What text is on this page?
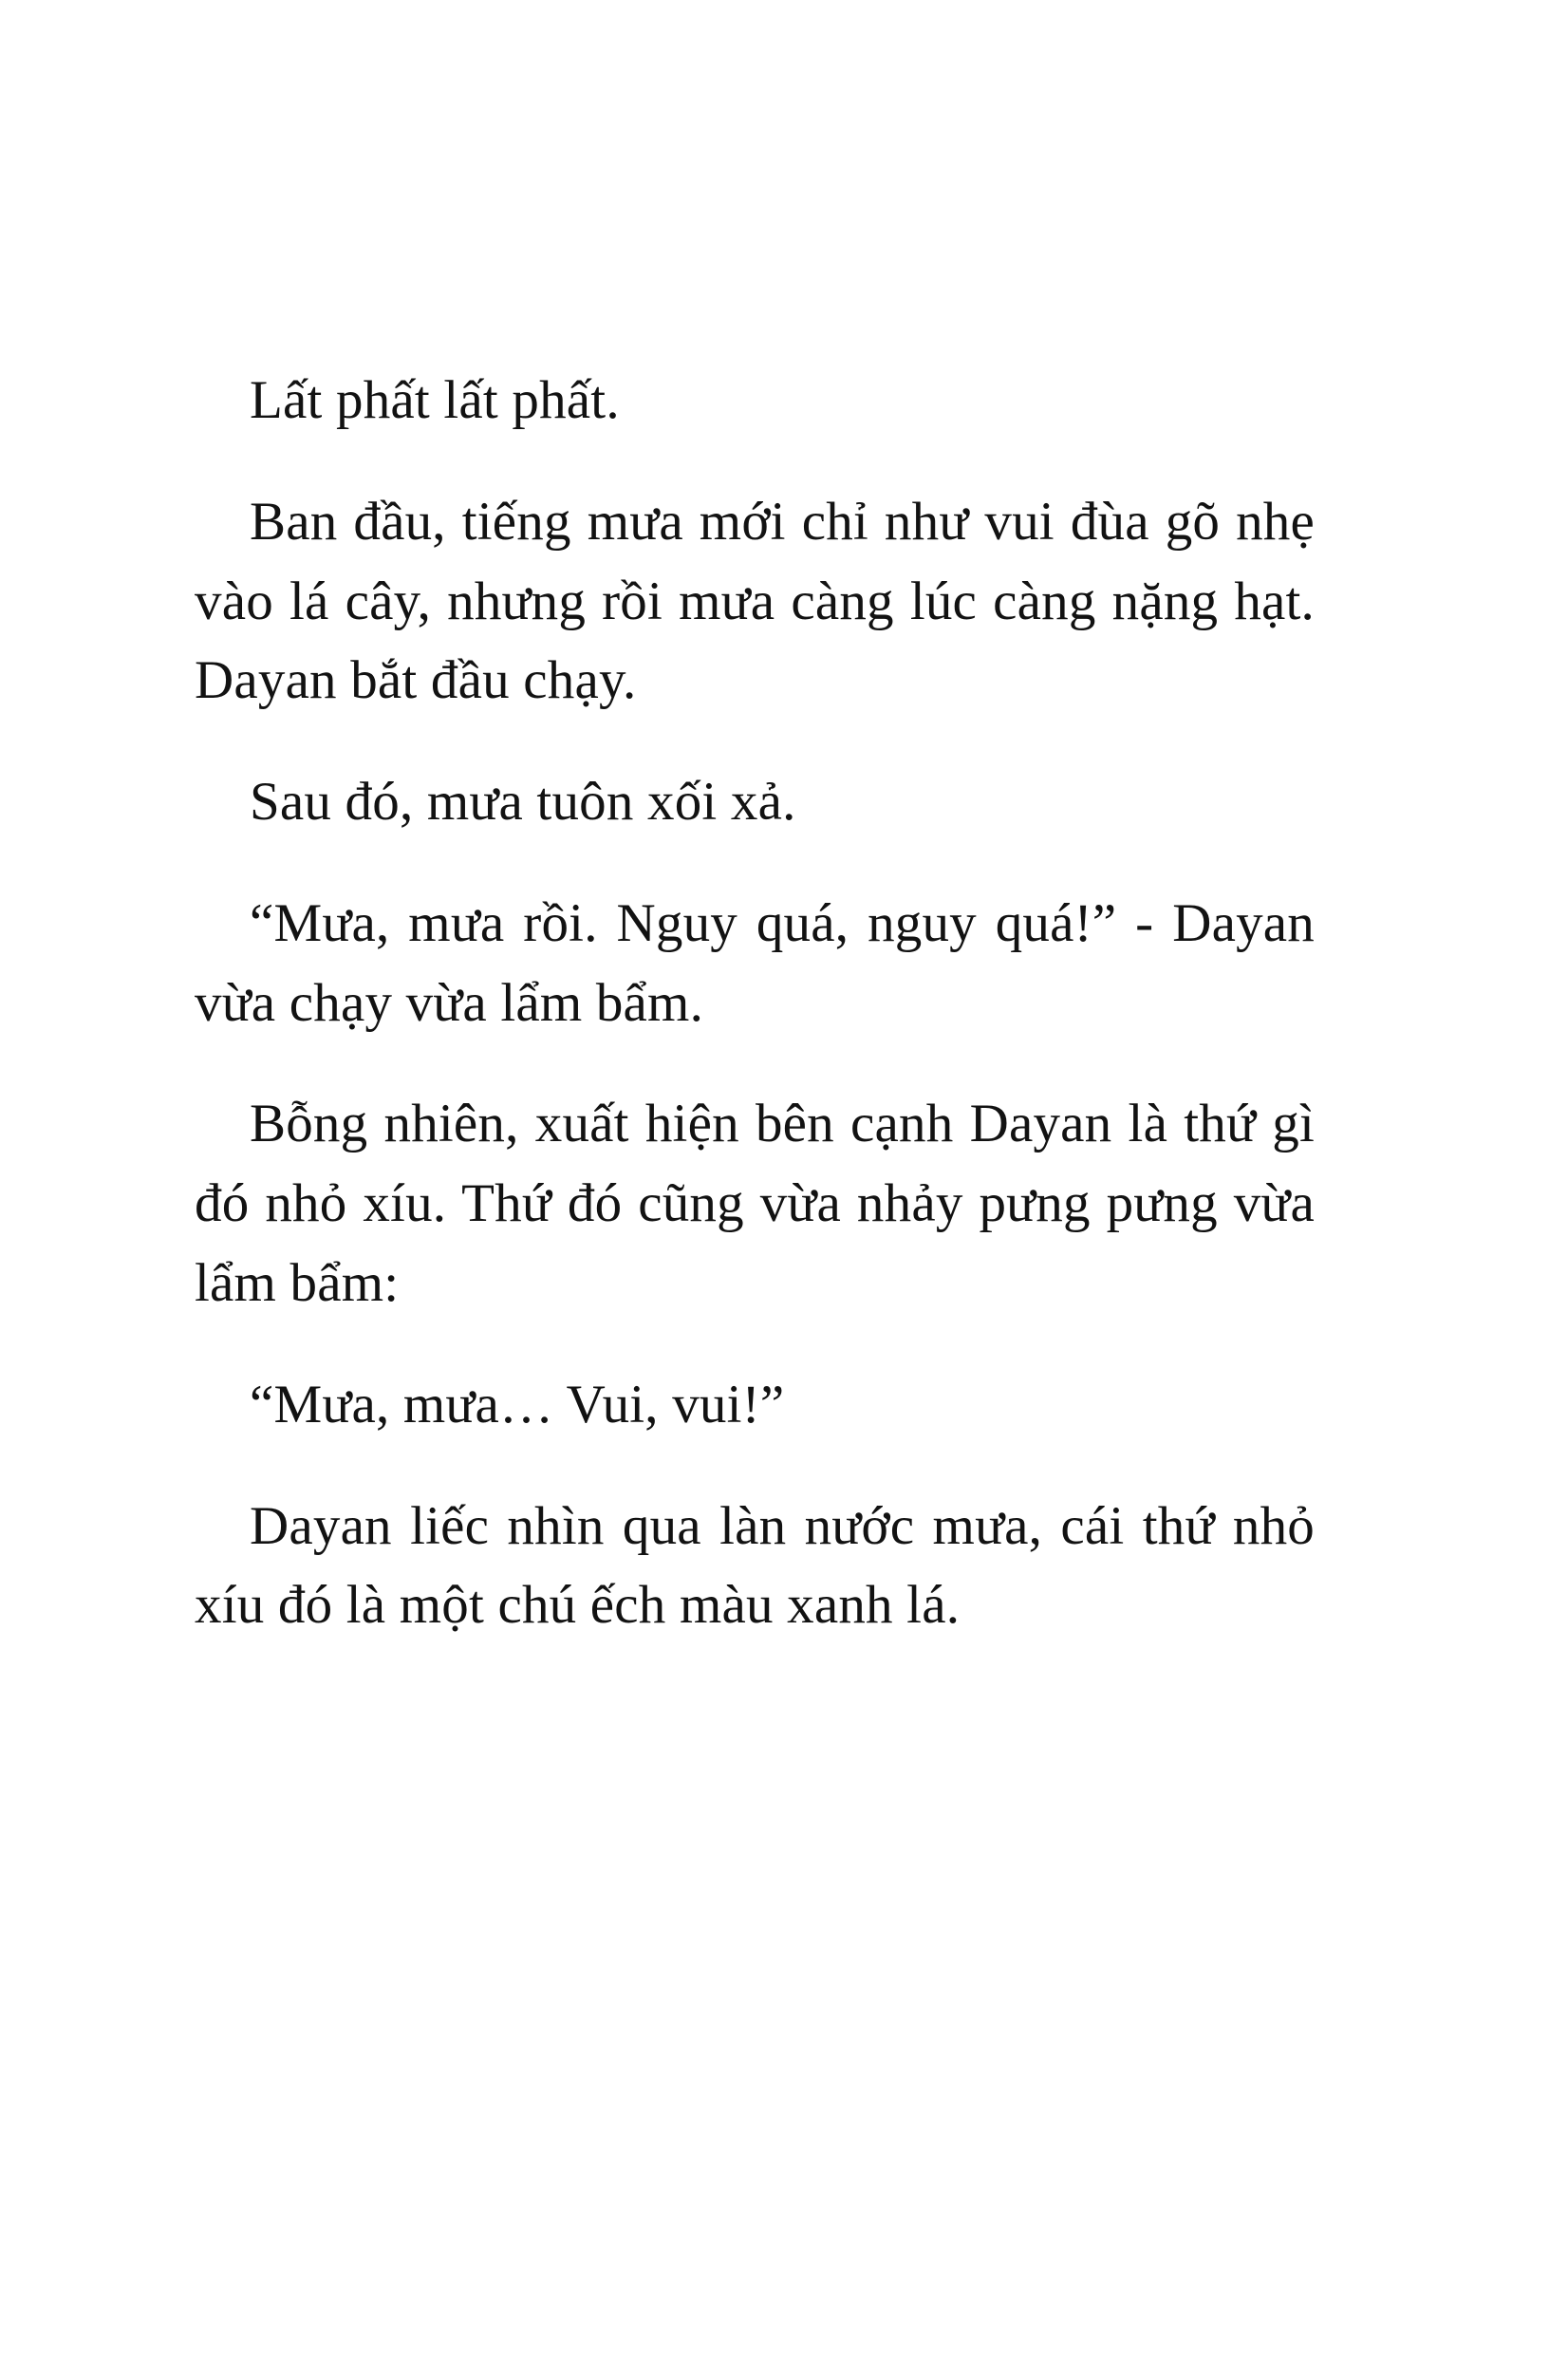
Lất phất lất phất.

Ban đầu, tiếng mưa mới chỉ như vui đùa gõ nhẹ vào lá cây, nhưng rồi mưa càng lúc càng nặng hạt. Dayan bắt đầu chạy.

Sau đó, mưa tuôn xối xả.

“Mưa, mưa rồi. Nguy quá, nguy quá!” - Dayan vừa chạy vừa lẩm bẩm.

Bỗng nhiên, xuất hiện bên cạnh Dayan là thứ gì đó nhỏ xíu. Thứ đó cũng vừa nhảy pưng pưng vừa lẩm bẩm:

“Mưa, mưa… Vui, vui!”

Dayan liếc nhìn qua làn nước mưa, cái thứ nhỏ xíu đó là một chú ếch màu xanh lá.
